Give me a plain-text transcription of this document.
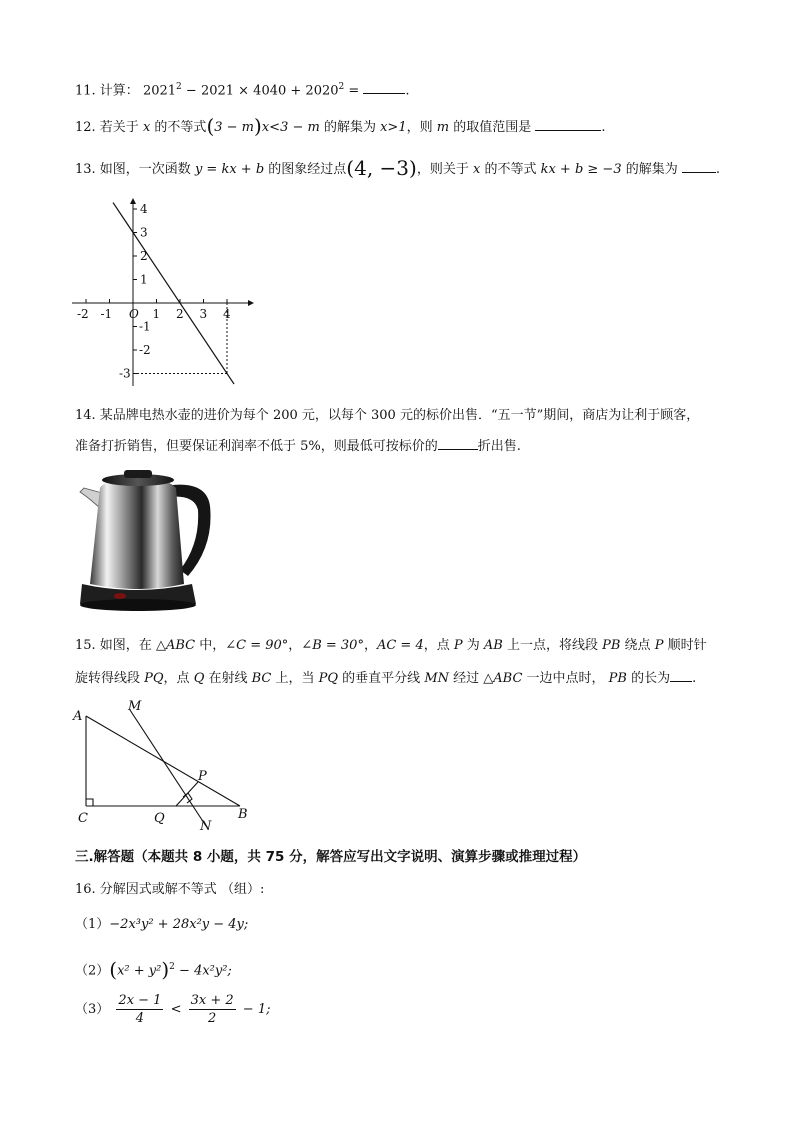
11. 计算： $2021^2 - 2021 \times 4040 + 2020^2$ =	.
12. 若关于 x 的不等式(3 − m)x<3 − m 的解集为 x>1，则 m 的取值范围是	.
13. 如图，一次函数 y = kx + b 的图象经过点(4, −3)，则关于 x 的不等式 kx + b ≥ −3 的解集为	.
-2 -1 O 1 2 3 4
4
3
2
1
-1
-2
-3
14. 某品牌电热水壶的进价为每个 200 元，以每个 300 元的标价出售．“五一节”期间，商店为让利于顾客，
准备打折销售，但要保证利润率不低于 5%，则最低可按标价的	折出售.
15. 如图，在 △ABC 中，∠C = 90°，∠B = 30°，AC = 4，点 P 为 AB 上一点，将线段 PB 绕点 P 顺时针
旋转得线段 PQ，点 Q 在射线 BC 上，当 PQ 的垂直平分线 MN 经过 △ABC 一边中点时， PB 的长为 .
A
M
P
C	Q
N
B
三.解答题（本题共 8 小题，共 75 分，解答应写出文字说明、演算步骤或推理过程）
16. 分解因式或解不等式 （组）:
（1）−2x³y² + 28x²y − 4y;
$(2)(x^2 + y^2)^2 - 4x^2y^2$;
$(3) \frac{2x - 1}{4} < \frac{3x + 2}{2} - 1$;
